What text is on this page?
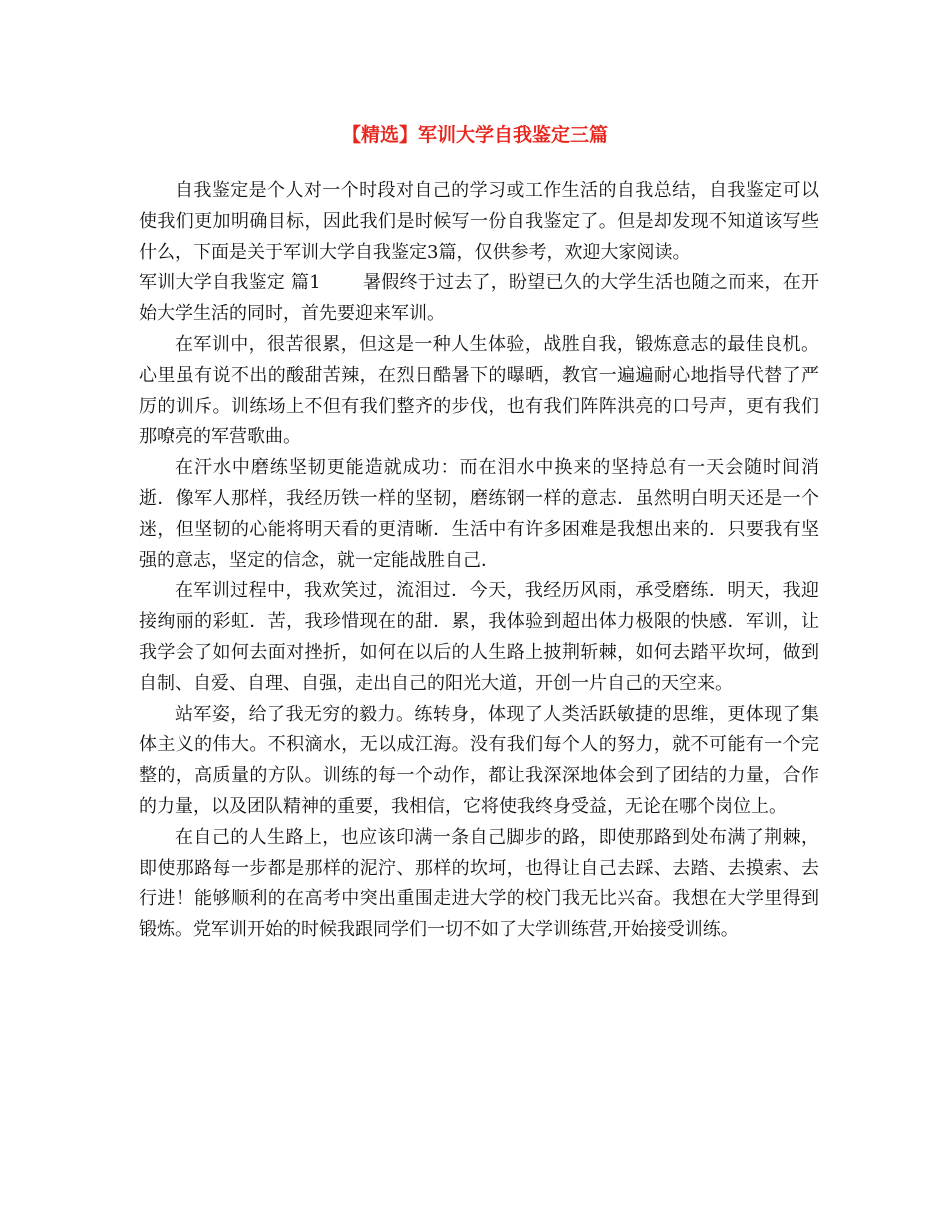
【精选】军训大学自我鉴定三篇

自我鉴定是个人对一个时段对自己的学习或工作生活的自我总结，自我鉴定可以使我们更加明确目标，因此我们是时候写一份自我鉴定了。但是却发现不知道该写些什么，下面是关于军训大学自我鉴定3篇，仅供参考，欢迎大家阅读。

军训大学自我鉴定 篇1 暑假终于过去了，盼望已久的大学生活也随之而来，在开始大学生活的同时，首先要迎来军训。

在军训中，很苦很累，但这是一种人生体验，战胜自我，锻炼意志的最佳良机。心里虽有说不出的酸甜苦辣，在烈日酷暑下的曝晒，教官一遍遍耐心地指导代替了严厉的训斥。训练场上不但有我们整齐的步伐，也有我们阵阵洪亮的口号声，更有我们那嘹亮的军营歌曲。

在汗水中磨练坚韧更能造就成功：而在泪水中换来的坚持总有一天会随时间消逝．像军人那样，我经历铁一样的坚韧，磨练钢一样的意志．虽然明白明天还是一个迷，但坚韧的心能将明天看的更清晰．生活中有许多困难是我想出来的．只要我有坚强的意志，坚定的信念，就一定能战胜自己．

在军训过程中，我欢笑过，流泪过．今天，我经历风雨，承受磨练．明天，我迎接绚丽的彩虹．苦，我珍惜现在的甜．累，我体验到超出体力极限的快感．军训，让我学会了如何去面对挫折，如何在以后的人生路上披荆斩棘，如何去踏平坎坷，做到自制、自爱、自理、自强，走出自己的阳光大道，开创一片自己的天空来。

站军姿，给了我无穷的毅力。练转身，体现了人类活跃敏捷的思维，更体现了集体主义的伟大。不积滴水，无以成江海。没有我们每个人的努力，就不可能有一个完整的，高质量的方队。训练的每一个动作，都让我深深地体会到了团结的力量，合作的力量，以及团队精神的重要，我相信，它将使我终身受益，无论在哪个岗位上。

在自己的人生路上，也应该印满一条自己脚步的路，即使那路到处布满了荆棘，即使那路每一步都是那样的泥泞、那样的坎坷，也得让自己去踩、去踏、去摸索、去行进！能够顺利的在高考中突出重围走进大学的校门我无比兴奋。我想在大学里得到锻炼。党军训开始的时候我跟同学们一切不如了大学训练营,开始接受训练。
